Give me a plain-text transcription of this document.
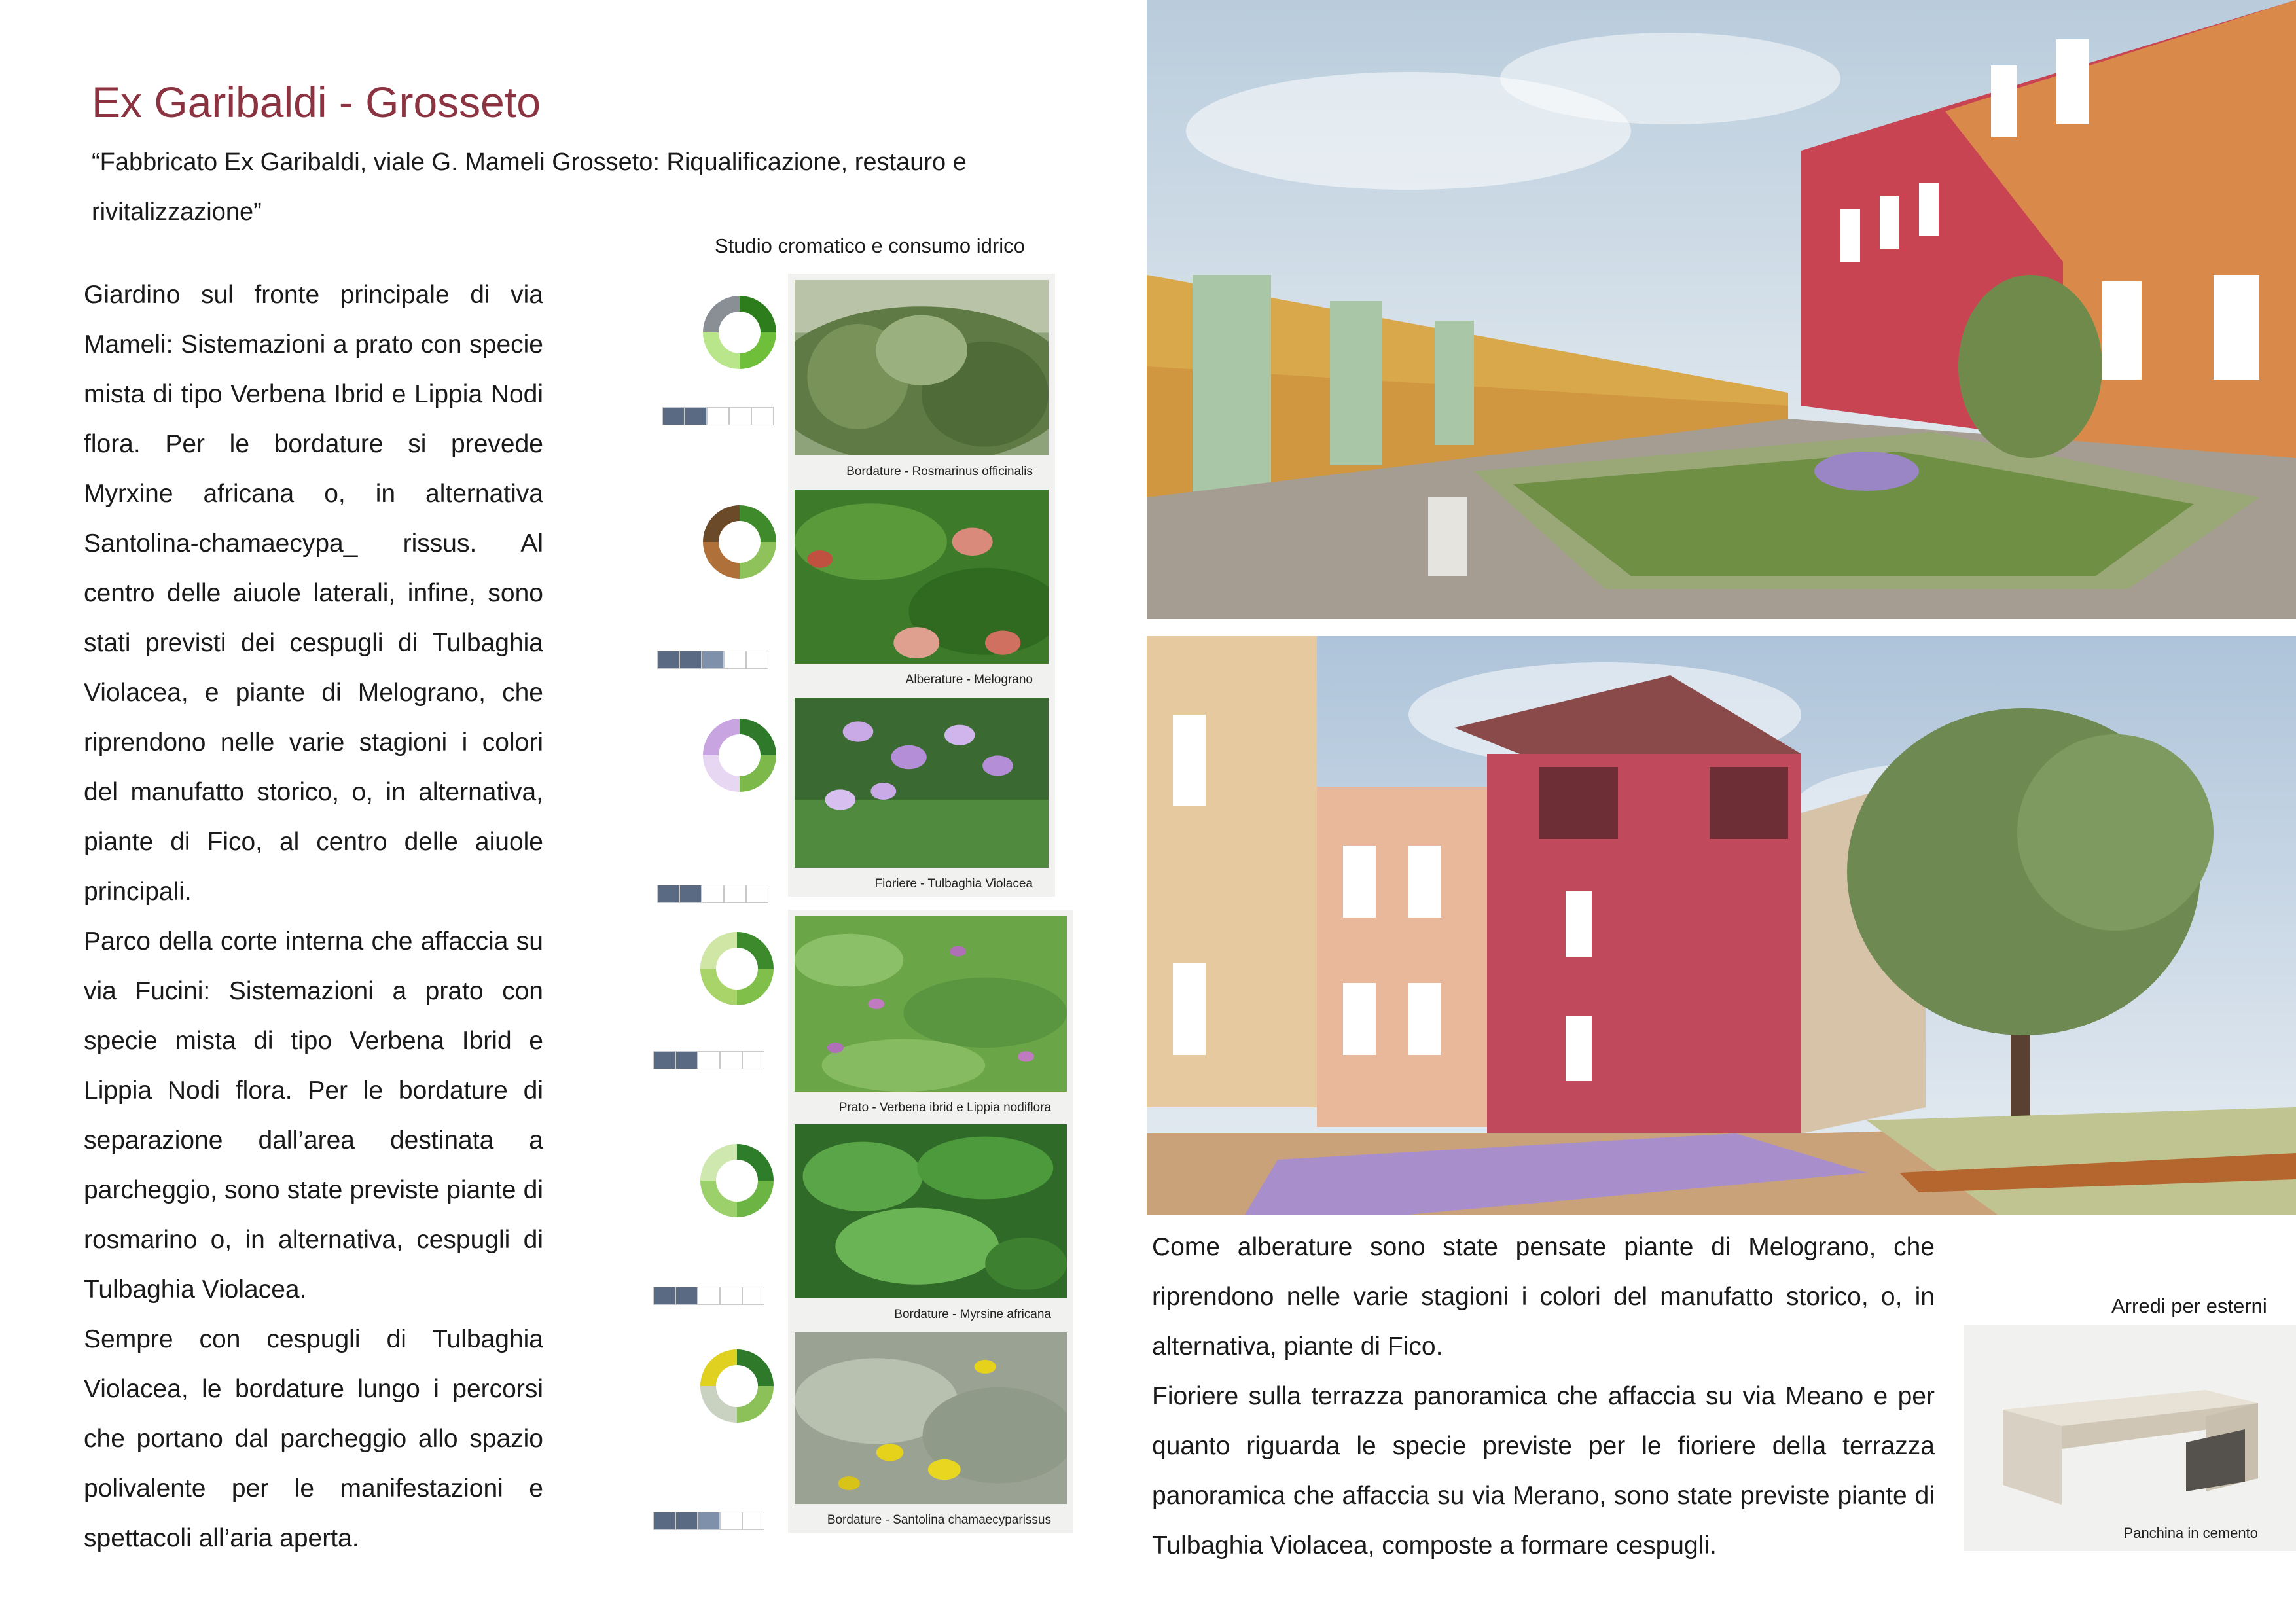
Ex Garibaldi - Grosseto
“Fabbricato Ex Garibaldi, viale G. Mameli Grosseto: Riqualificazione, restauro e rivitalizzazione”

Giardino sul fronte principale di via Mameli: Sistemazioni a prato con specie mista di tipo Verbena Ibrid e Lippia Nodi flora. Per le bordature si prevede Myrxine africana o, in alternativa Santolina-chamaecypa_ rissus. Al centro delle aiuole laterali, infine, sono stati previsti dei cespugli di Tulbaghia Violacea, e piante di Melograno, che riprendono nelle varie stagioni i colori del manufatto storico, o, in alternativa, piante di Fico, al centro delle aiuole principali.

Parco della corte interna che affaccia su via Fucini: Sistemazioni a prato con specie mista di tipo Verbena Ibrid e Lippia Nodi flora. Per le bordature di separazione dall’area destinata a parcheggio, sono state previste piante di rosmarino o, in alternativa, cespugli di Tulbaghia Violacea.

Sempre con cespugli di Tulbaghia Violacea, le bordature lungo i percorsi che portano dal parcheggio allo spazio polivalente per le manifestazioni e spettacoli all’aria aperta.

Studio cromatico e consumo idrico
Bordature - Rosmarinus officinalis
Alberature - Melograno
Fioriere - Tulbaghia Violacea
Prato - Verbena ibrid e Lippia nodiflora
Bordature - Myrsine africana
Bordature - Santolina chamaecyparissus

Come alberature sono state pensate piante di Melograno, che riprendono nelle varie stagioni i colori del manufatto storico, o, in alternativa, piante di Fico.

Fioriere sulla terrazza panoramica che affaccia su via Meano e per quanto riguarda le specie previste per le fioriere della terrazza panoramica che affaccia su via Merano, sono state previste piante di Tulbaghia Violacea, composte a formare cespugli.

Arredi per esterni
Panchina in cemento
